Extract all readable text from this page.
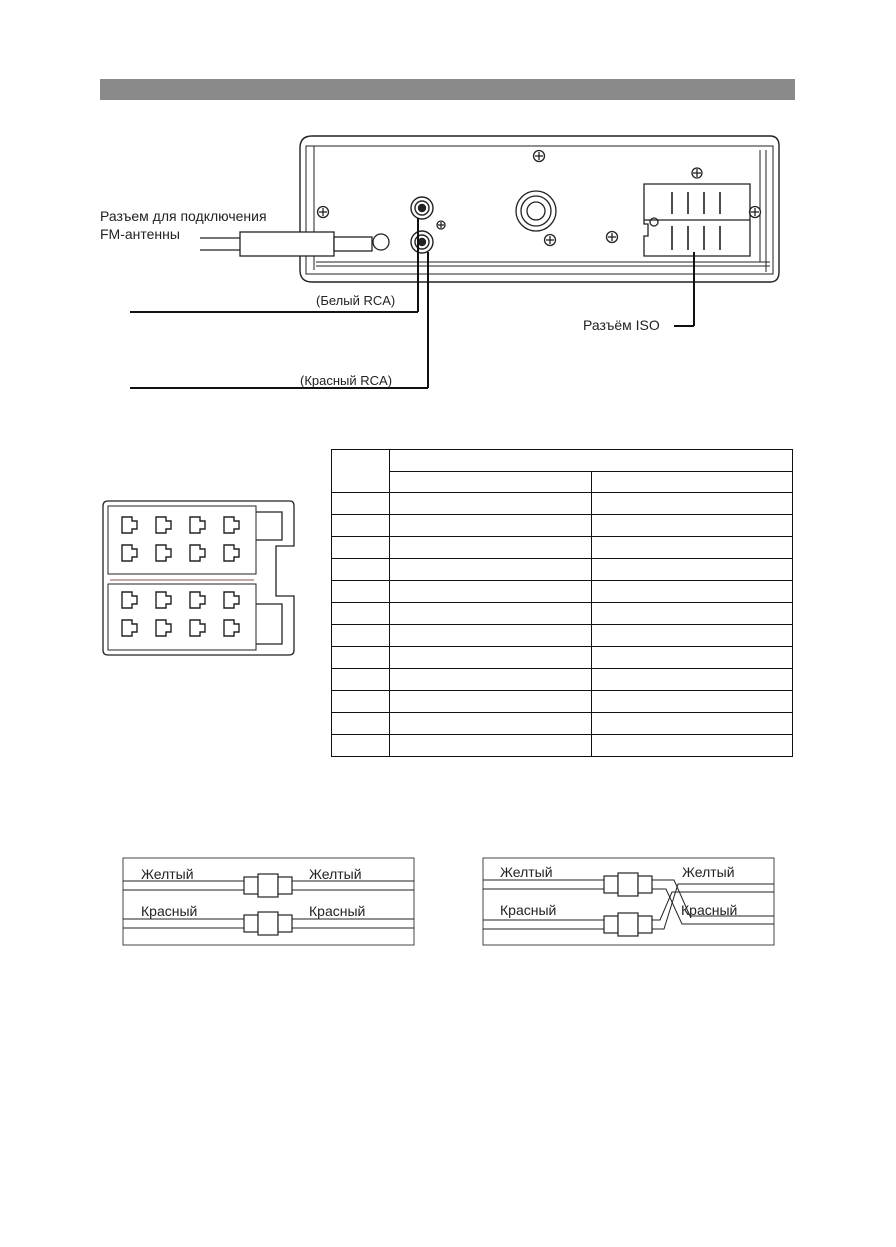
Разъем для подключения
FM-антенны
(Белый RCA)
(Красный RCA)
Разъём ISO

Желтый	Желтый
Красный	Красный
Желтый	Желтый
Красный	Красный
